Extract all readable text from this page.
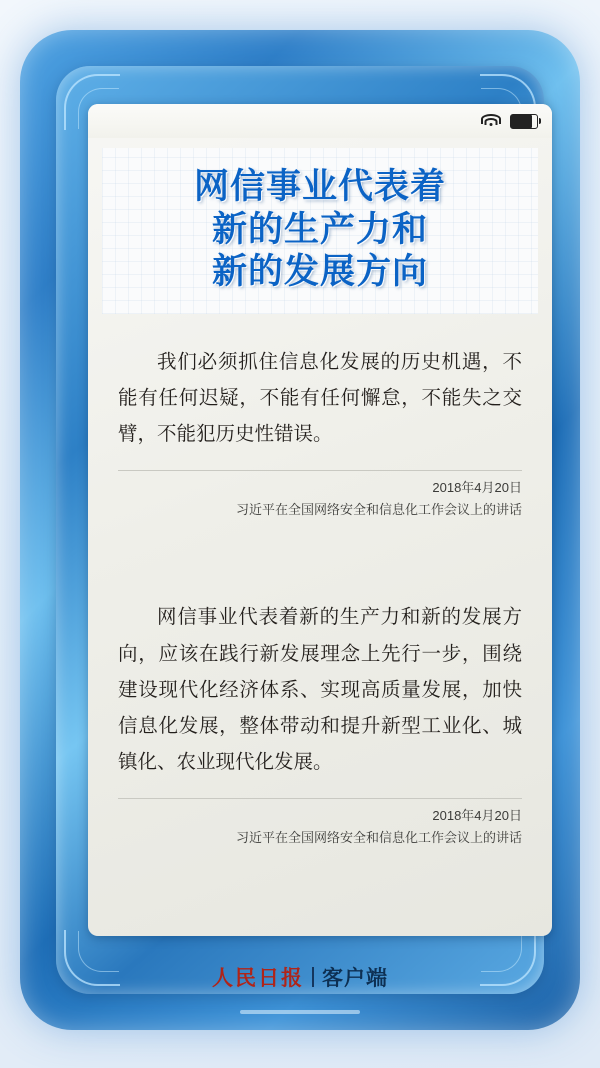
网信事业代表着
新的生产力和
新的发展方向

我们必须抓住信息化发展的历史机遇，不能有任何迟疑，不能有任何懈怠，不能失之交臂，不能犯历史性错误。

2018年4月20日
习近平在全国网络安全和信息化工作会议上的讲话

网信事业代表着新的生产力和新的发展方向，应该在践行新发展理念上先行一步，围绕建设现代化经济体系、实现高质量发展，加快信息化发展，整体带动和提升新型工业化、城镇化、农业现代化发展。

2018年4月20日
习近平在全国网络安全和信息化工作会议上的讲话
人民日报 客户端
